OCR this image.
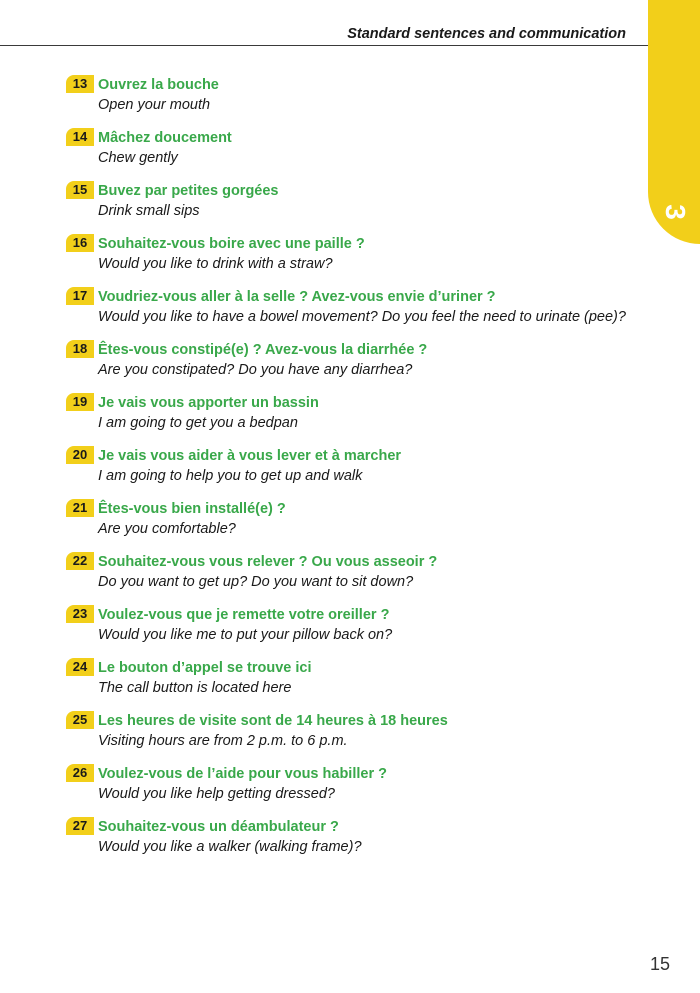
Standard sentences and communication
3
13 Ouvrez la bouche
Open your mouth
14 Mâchez doucement
Chew gently
15 Buvez par petites gorgées
Drink small sips
16 Souhaitez-vous boire avec une paille ?
Would you like to drink with a straw?
17 Voudriez-vous aller à la selle ? Avez-vous envie d’uriner ?
Would you like to have a bowel movement? Do you feel the need to urinate (pee)?
18 Êtes-vous constipé(e) ? Avez-vous la diarrhée ?
Are you constipated? Do you have any diarrhea?
19 Je vais vous apporter un bassin
I am going to get you a bedpan
20 Je vais vous aider à vous lever et à marcher
I am going to help you to get up and walk
21 Êtes-vous bien installé(e) ?
Are you comfortable?
22 Souhaitez-vous vous relever ? Ou vous asseoir ?
Do you want to get up? Do you want to sit down?
23 Voulez-vous que je remette votre oreiller ?
Would you like me to put your pillow back on?
24 Le bouton d’appel se trouve ici
The call button is located here
25 Les heures de visite sont de 14 heures à 18 heures
Visiting hours are from 2 p.m. to 6 p.m.
26 Voulez-vous de l’aide pour vous habiller ?
Would you like help getting dressed?
27 Souhaitez-vous un déambulateur ?
Would you like a walker (walking frame)?
15
